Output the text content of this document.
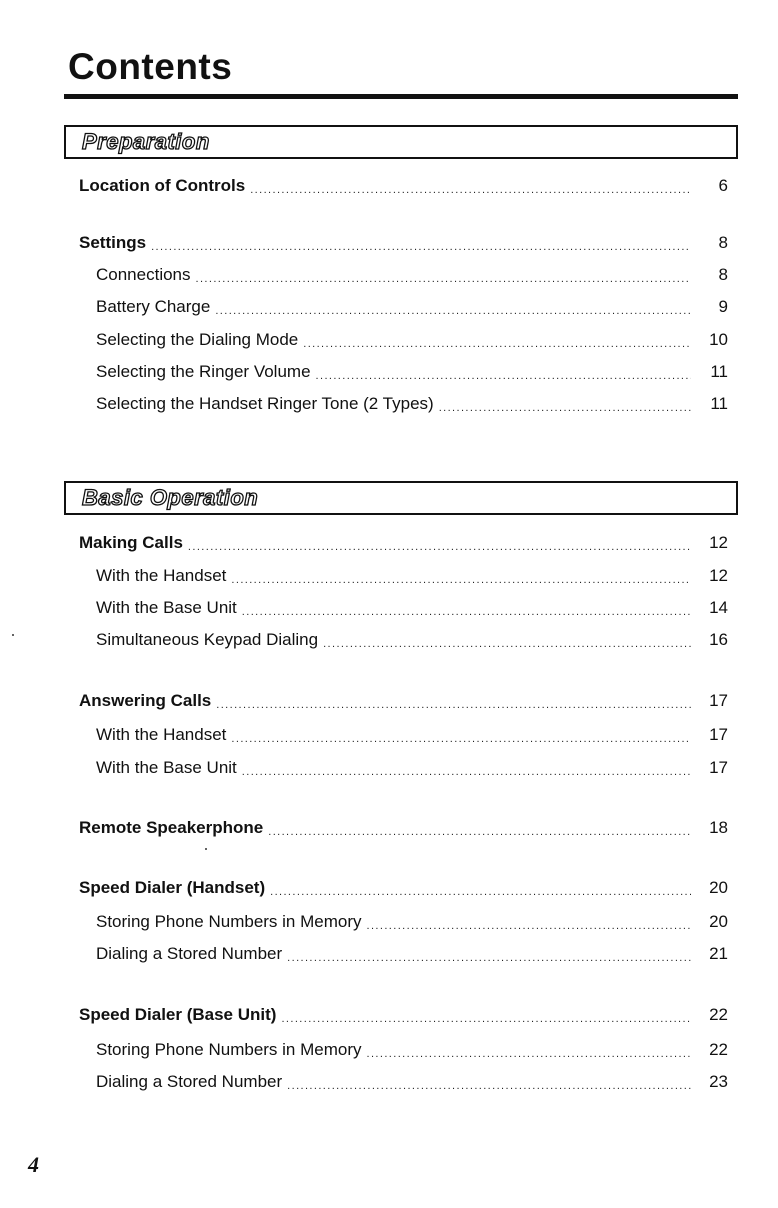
Contents
Preparation
Location of Controls .....	6
Settings .....	8
Connections .....	8
Battery Charge .....	9
Selecting the Dialing Mode .....	10
Selecting the Ringer Volume .....	11
Selecting the Handset Ringer Tone (2 Types) .....	11
Basic Operation
Making Calls .....	12
With the Handset .....	12
With the Base Unit .....	14
Simultaneous Keypad Dialing .....	16
Answering Calls .....	17
With the Handset .....	17
With the Base Unit .....	17
Remote Speakerphone .....	18
Speed Dialer (Handset) .....	20
Storing Phone Numbers in Memory .....	20
Dialing a Stored Number .....	21
Speed Dialer (Base Unit) .....	22
Storing Phone Numbers in Memory .....	22
Dialing a Stored Number .....	23
4
